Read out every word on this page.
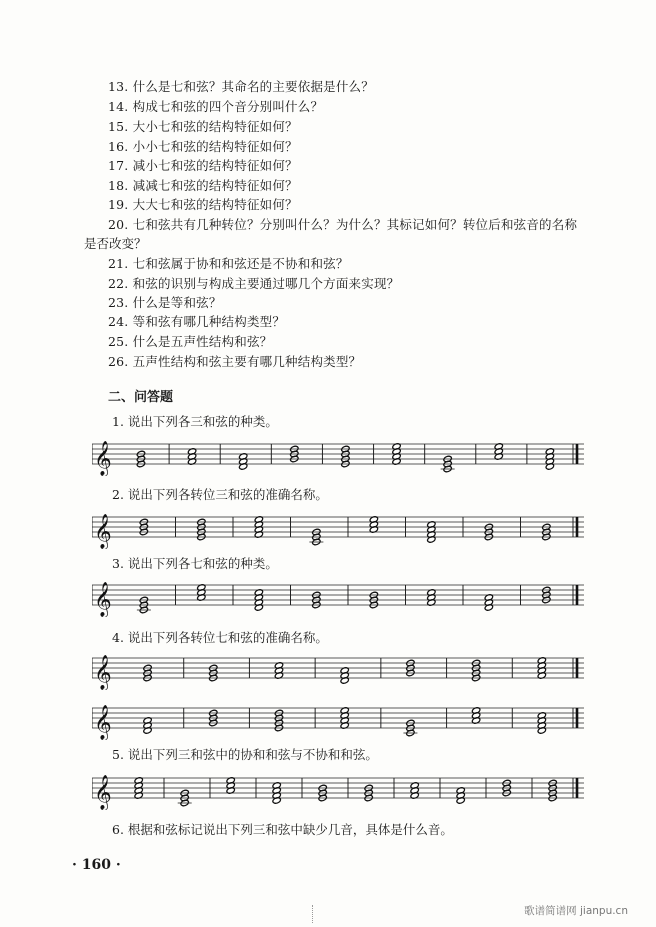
13. 什么是七和弦？其命名的主要依据是什么？
14. 构成七和弦的四个音分别叫什么？
15. 大小七和弦的结构特征如何？
16. 小小七和弦的结构特征如何？
17. 减小七和弦的结构特征如何？
18. 减减七和弦的结构特征如何？
19. 大大七和弦的结构特征如何？
20. 七和弦共有几种转位？分别叫什么？为什么？其标记如何？转位后和弦音的名称
是否改变？
21. 七和弦属于协和和弦还是不协和和弦？
22. 和弦的识别与构成主要通过哪几个方面来实现？
23. 什么是等和弦？
24. 等和弦有哪几种结构类型？
25. 什么是五声性结构和弦？
26. 五声性结构和弦主要有哪几种结构类型？
二、问答题
1. 说出下列各三和弦的种类。
𝄞
2. 说出下列各转位三和弦的准确名称。
𝄞
3. 说出下列各七和弦的种类。
𝄞
4. 说出下列各转位七和弦的准确名称。
𝄞
𝄞
5. 说出下列三和弦中的协和和弦与不协和和弦。
𝄞
6. 根据和弦标记说出下列三和弦中缺少几音，具体是什么音。
· 160 ·
歌谱简谱网 jianpu.cn
